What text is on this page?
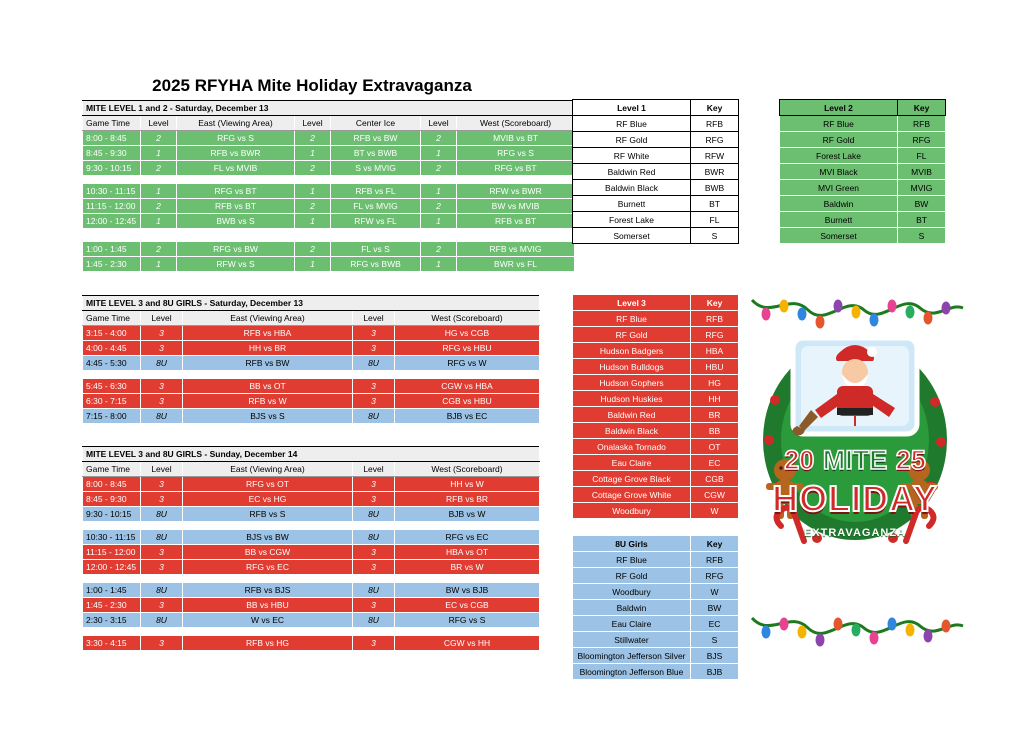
2025 RFYHA Mite Holiday Extravaganza
MITE LEVEL 1 and 2 - Saturday, December 13						
Game Time	Level	East (Viewing Area)	Level	Center Ice	Level	West (Scoreboard)
8:00 - 8:45	2	RFG vs S	2	RFB vs BW	2	MVIB vs BT
8:45 - 9:30	1	RFB vs BWR	1	BT vs BWB	1	RFG vs S
9:30 - 10:15	2	FL vs MVIB	2	S vs MVIG	2	RFG vs BT

10:30 - 11:15	1	RFG vs BT	1	RFB vs FL	1	RFW vs BWR
11:15 - 12:00	2	RFB vs BT	2	FL vs MVIG	2	BW vs MVIB
12:00 - 12:45	1	BWB vs S	1	RFW vs FL	1	RFB vs BT

1:00 - 1:45	2	RFG vs BW	2	FL vs S	2	RFB vs MVIG
1:45 - 2:30	1	RFW vs S	1	RFG vs BWB	1	BWR vs FL
MITE LEVEL 3 and 8U GIRLS - Saturday, December 13				
Game Time	Level	East (Viewing Area)	Level	West (Scoreboard)
3:15 - 4:00	3	RFB vs HBA	3	HG vs CGB
4:00 - 4:45	3	HH vs BR	3	RFG vs HBU
4:45 - 5:30	8U	RFB vs BW	8U	RFG vs W

5:45 - 6:30	3	BB vs OT	3	CGW vs HBA
6:30 - 7:15	3	RFB vs W	3	CGB vs HBU
7:15 - 8:00	8U	BJS vs S	8U	BJB vs EC
MITE LEVEL 3 and 8U GIRLS - Sunday, December 14				
Game Time	Level	East (Viewing Area)	Level	West (Scoreboard)
8:00 - 8:45	3	RFG vs OT	3	HH vs W
8:45 - 9:30	3	EC vs HG	3	RFB vs BR
9:30 - 10:15	8U	RFB vs S	8U	BJB vs W

10:30 - 11:15	8U	BJS vs BW	8U	RFG vs EC
11:15 - 12:00	3	BB vs CGW	3	HBA vs OT
12:00 - 12:45	3	RFG vs EC	3	BR vs W

1:00 - 1:45	8U	RFB vs BJS	8U	BW vs BJB
1:45 - 2:30	3	BB vs HBU	3	EC vs CGB
2:30 - 3:15	8U	W vs EC	8U	RFG vs S

3:30 - 4:15	3	RFB vs HG	3	CGW vs HH
Level 1	Key
RF Blue	RFB
RF Gold	RFG
RF White	RFW
Baldwin Red	BWR
Baldwin Black	BWB
Burnett	BT
Forest Lake	FL
Somerset	S
Level 2	Key
RF Blue	RFB
RF Gold	RFG
Forest Lake	FL
MVI Black	MVIB
MVI Green	MVIG
Baldwin	BW
Burnett	BT
Somerset	S
Level 3	Key
RF Blue	RFB
RF Gold	RFG
Hudson Badgers	HBA
Hudson Bulldogs	HBU
Hudson Gophers	HG
Hudson Huskies	HH
Baldwin Red	BR
Baldwin Black	BB
Onalaska Tornado	OT
Eau Claire	EC
Cottage Grove Black	CGB
Cottage Grove White	CGW
Woodbury	W
8U Girls	Key
RF Blue	RFB
RF Gold	RFG
Woodbury	W
Baldwin	BW
Eau Claire	EC
Stillwater	S
Bloomington Jefferson Silver	BJS
Bloomington Jefferson Blue	BJB
20 MITE 25
HOLIDAY
EXTRAVAGANZA
